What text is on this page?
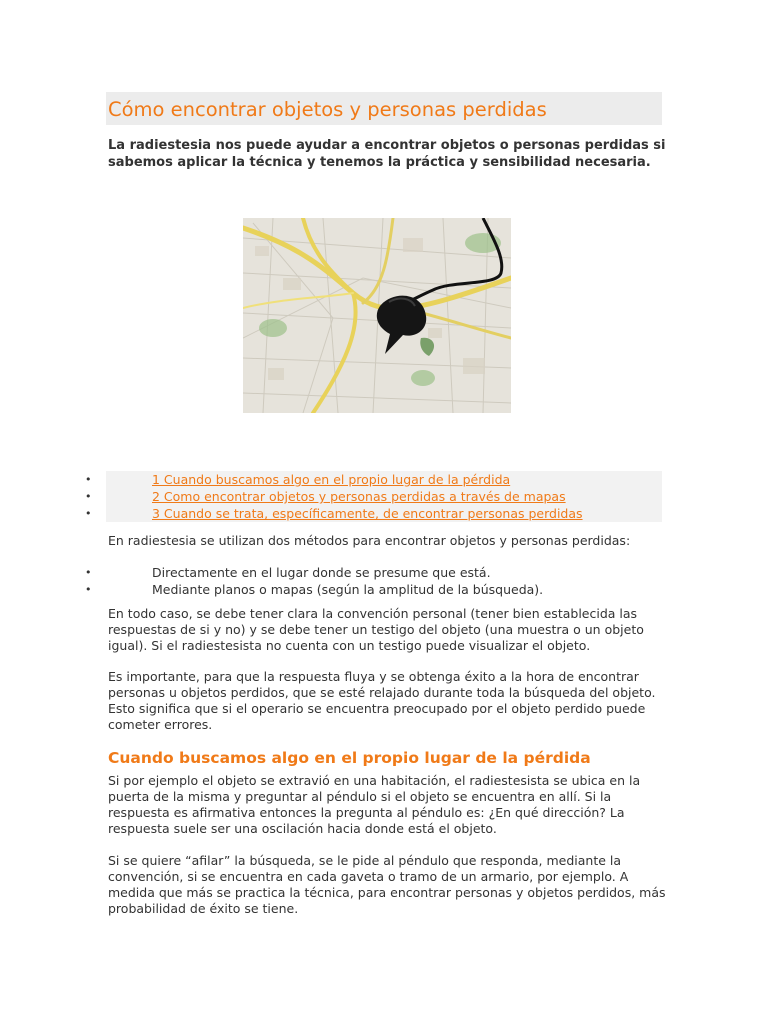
Cómo encontrar objetos y personas perdidas

La radiestesia nos puede ayudar a encontrar objetos o personas perdidas si sabemos aplicar la técnica y tenemos la práctica y sensibilidad necesaria.

•	1 Cuando buscamos algo en el propio lugar de la pérdida
•	2 Como encontrar objetos y personas perdidas a través de mapas
•	3 Cuando se trata, específicamente, de encontrar personas perdidas

En radiestesia se utilizan dos métodos para encontrar objetos y personas perdidas:

•	Directamente en el lugar donde se presume que está.
•	Mediante planos o mapas (según la amplitud de la búsqueda).

En todo caso, se debe tener clara la convención personal (tener bien establecida las respuestas de si y no) y se debe tener un testigo del objeto (una muestra o un objeto igual). Si el radiestesista no cuenta con un testigo puede visualizar el objeto.

Es importante, para que la respuesta fluya y se obtenga éxito a la hora de encontrar personas u objetos perdidos, que se esté relajado durante toda la búsqueda del objeto. Esto significa que si el operario se encuentra preocupado por el objeto perdido puede cometer errores.

Cuando buscamos algo en el propio lugar de la pérdida

Si por ejemplo el objeto se extravió en una habitación, el radiestesista se ubica en la puerta de la misma y preguntar al péndulo si el objeto se encuentra en allí. Si la respuesta es afirmativa entonces la pregunta al péndulo es: ¿En qué dirección? La respuesta suele ser una oscilación hacia donde está el objeto.

Si se quiere “afilar” la búsqueda, se le pide al péndulo que responda, mediante la convención, si se encuentra en cada gaveta o tramo de un armario, por ejemplo. A medida que más se practica la técnica, para encontrar personas y objetos perdidos, más probabilidad de éxito se tiene.
